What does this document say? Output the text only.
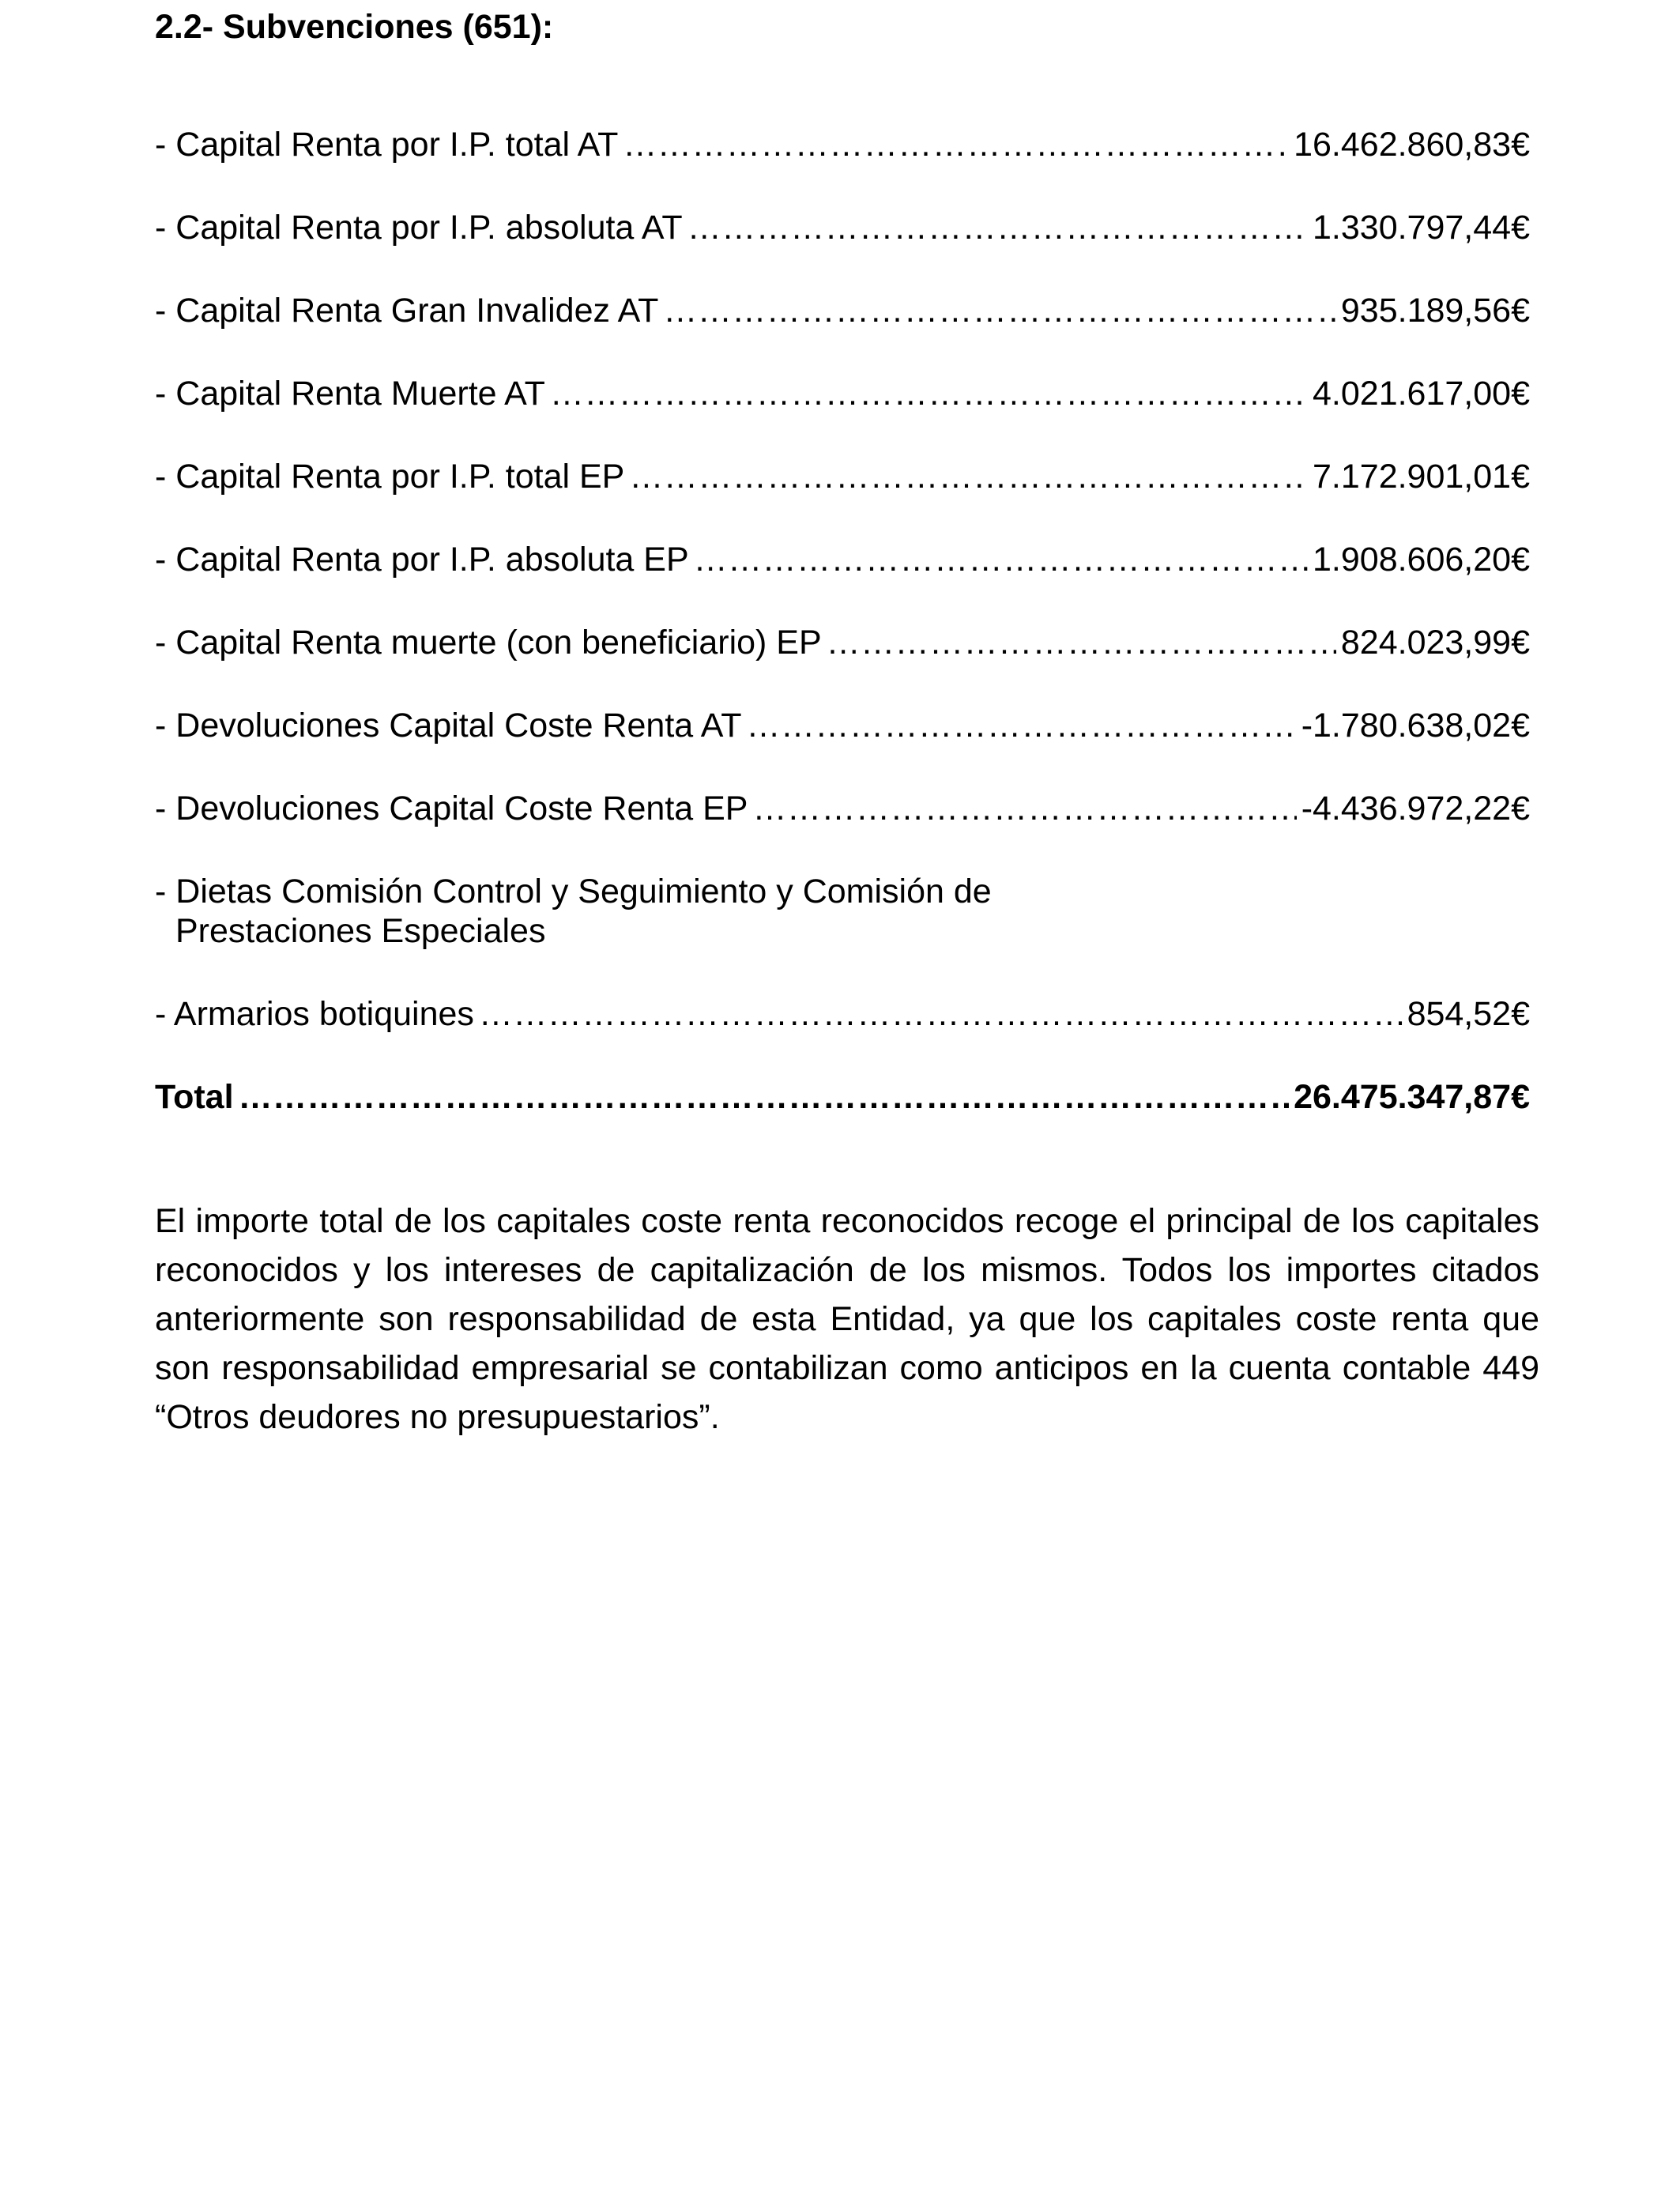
2.2- Subvenciones (651):
- Capital Renta por I.P. total AT …………………………………………………………………………………………………………………………………………………………………………………………………	16.462.860,83€
- Capital Renta por I.P. absoluta AT …………………………………………………………………………………………………………………………………………………………………………………………………	1.330.797,44€
- Capital Renta Gran Invalidez AT …………………………………………………………………………………………………………………………………………………………………………………………………	935.189,56€
- Capital Renta Muerte AT …………………………………………………………………………………………………………………………………………………………………………………………………	4.021.617,00€
- Capital Renta por I.P. total EP …………………………………………………………………………………………………………………………………………………………………………………………………	7.172.901,01€
- Capital Renta por I.P. absoluta EP …………………………………………………………………………………………………………………………………………………………………………………………………	1.908.606,20€
- Capital Renta muerte (con beneficiario) EP …………………………………………………………………………………………………………………………………………………………………………………………………	824.023,99€
- Devoluciones Capital Coste Renta AT …………………………………………………………………………………………………………………………………………………………………………………………………	-1.780.638,02€
- Devoluciones Capital Coste Renta EP …………………………………………………………………………………………………………………………………………………………………………………………………	-4.436.972,22€
- Dietas Comisión Control y Seguimiento y Comisión de
Prestaciones Especiales
- Armarios botiquines …………………………………………………………………………………………………………………………………………………………………………………………………	854,52€
Total …………………………………………………………………………………………………………………………………………………………………………………………………	26.475.347,87€
El importe total de los capitales coste renta reconocidos recoge el principal de los capitales reconocidos y los intereses de capitalización de los mismos. Todos los importes citados anteriormente son responsabilidad de esta Entidad, ya que los capitales coste renta que son responsabilidad empresarial se contabilizan como anticipos en la cuenta contable 449 “Otros deudores no presupuestarios”.
